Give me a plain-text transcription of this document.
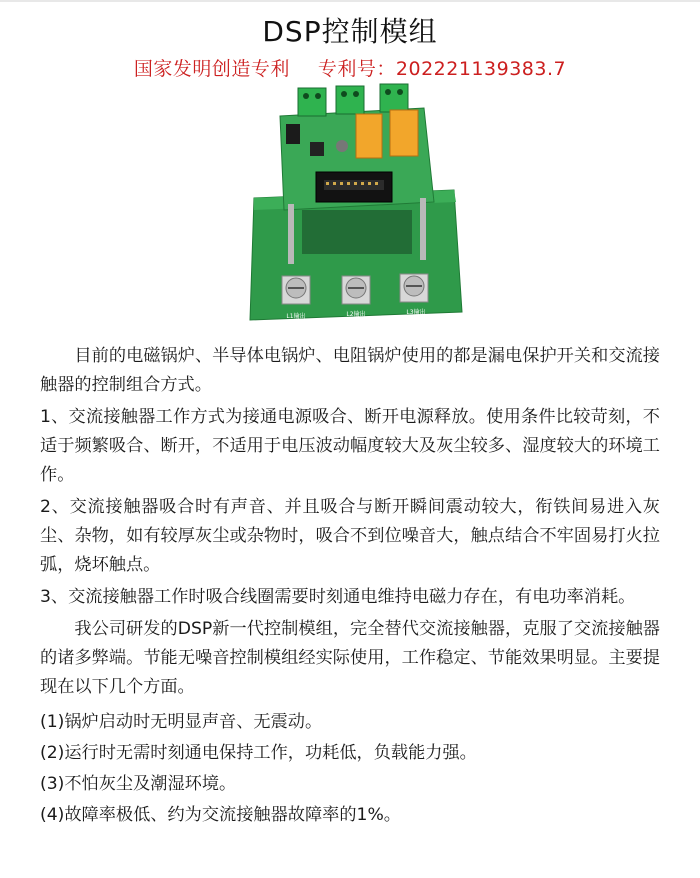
DSP控制模组
国家发明创造专利 专利号：202221139383.7
L1输出	L2输出	L3输出

目前的电磁锅炉、半导体电锅炉、电阻锅炉使用的都是漏电保护开关和交流接触器的控制组合方式。

1、交流接触器工作方式为接通电源吸合、断开电源释放。使用条件比较苛刻，不适于频繁吸合、断开，不适用于电压波动幅度较大及灰尘较多、湿度较大的环境工作。

2、交流接触器吸合时有声音、并且吸合与断开瞬间震动较大，衔铁间易进入灰尘、杂物，如有较厚灰尘或杂物时，吸合不到位噪音大，触点结合不牢固易打火拉弧，烧坏触点。

3、交流接触器工作时吸合线圈需要时刻通电维持电磁力存在，有电功率消耗。

我公司研发的DSP新一代控制模组，完全替代交流接触器，克服了交流接触器的诸多弊端。节能无噪音控制模组经实际使用，工作稳定、节能效果明显。主要提现在以下几个方面。

(1)锅炉启动时无明显声音、无震动。

(2)运行时无需时刻通电保持工作，功耗低，负载能力强。

(3)不怕灰尘及潮湿环境。

(4)故障率极低、约为交流接触器故障率的1%。
